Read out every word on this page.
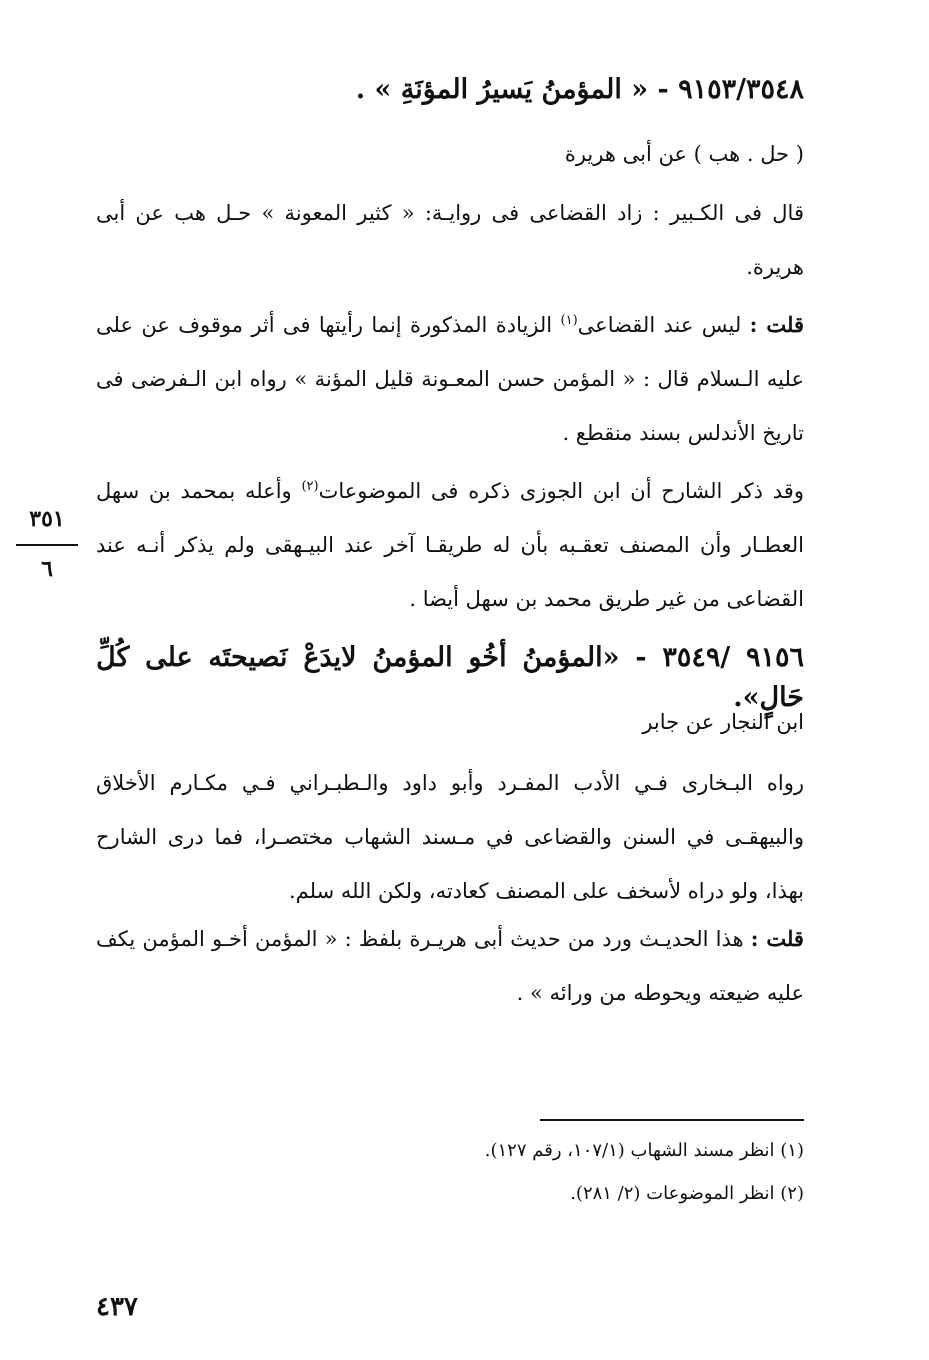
٩١٥٣/٣٥٤٨ - « المؤمنُ يَسيرُ المؤنَةِ » .
( حل . هب ) عن أبى هريرة
قال فى الكـبير : زاد القضاعى فى روايـة: « كثير المعونة » حـل هب عن أبى هريرة.
قلت : ليس عند القضاعى$^{(١)}$ الزيادة المذكورة إنما رأيتها فى أثر موقوف عن على عليه الـسلام قال : « المؤمن حسن المعـونة قليل المؤنة » رواه ابن الـفرضى فى تاريخ الأندلس بسند منقطع .
وقد ذكر الشارح أن ابن الجوزى ذكره فى الموضوعات$^{(٢)}$ وأعله بمحمد بن سهل العطـار وأن المصنف تعقـبه بأن له طريقـا آخر عند البيـهقى ولم يذكر أنـه عند القضاعى من غير طريق محمد بن سهل أيضا .
٣٥١
٦
٩١٥٦ /٣٥٤٩ - «المؤمنُ أخُو المؤمنُ لايدَعْ نَصيحتَه على كُلِّ حَالٍ».
ابن النجار عن جابر
رواه البـخارى فـي الأدب المفـرد وأبو داود والـطبـراني فـي مكـارم الأخلاق والبيهقـى في السنن والقضاعى في مـسند الشهاب مختصـرا، فما درى الشارح بهذا، ولو دراه لأسخف على المصنف كعادته، ولكن الله سلم.
قلت : هذا الحديـث ورد من حديث أبى هريـرة بلفظ : « المؤمن أخـو المؤمن يكف عليه ضيعته ويحوطه من ورائه » .
(١) انظر مسند الشهاب (١٠٧/١، رقم ١٢٧).
(٢) انظر الموضوعات (٢/ ٢٨١).
٤٣٧
